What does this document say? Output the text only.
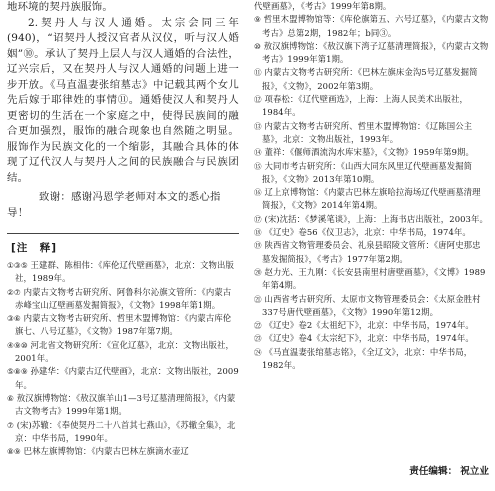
地环境的契丹族服饰。

2.契丹人与汉人通婚。太宗会同三年(940)，“诏契丹人授汉官者从汉仪，听与汉人婚姻”⑩。承认了契丹上层人与汉人通婚的合法性，辽兴宗后，又在契丹人与汉人通婚的问题上进一步开放。《马直温妻张绾墓志》中记载其两个女儿先后嫁于耶律姓的事情⑪。通婚使汉人和契丹人更密切的生活在一个家庭之中，使得民族间的融合更加强烈，服饰的融合现象也自然随之明显。服饰作为民族文化的一个缩影，其融合具体的体现了辽代汉人与契丹人之间的民族融合与民族团结。

致谢：感谢冯恩学老师对本文的悉心指导！

[注　释]

①③⑤ 王建群、陈相伟：《库伦辽代壁画墓》，北京：文物出版社，1989年。

②⑦ 内蒙古文物考古研究所、阿鲁科尔沁旗文管所：《内蒙古赤峰宝山辽壁画墓发掘简报》，《文物》1998年第1期。

③⑥ 内蒙古文物考古研究所、哲里木盟博物馆：《内蒙古库伦旗七、八号辽墓》，《文物》1987年第7期。

④⑨⑩ 河北省文物研究所：《宣化辽墓》，北京：文物出版社，2001年。

⑤⑧⑨ 孙建华：《内蒙古辽代壁画》，北京：文物出版社，2009年。

⑥ 敖汉旗博物馆：《敖汉旗羊山1—3号辽墓清理简报》，《内蒙古文物考古》1999年第1期。

⑦ (宋)苏辙：《奉使契丹二十八首其七燕山》，《苏辙全集》，北京：中华书局，1990年。

⑧⑨ 巴林左旗博物馆：《内蒙古巴林左旗滴水壶辽

代壁画墓》，《考古》1999年第8期。

⑨ 哲里木盟博物馆等：《库伦旗第五、六号辽墓》，《内蒙古文物考古》总第2期，1982年；b同③。

⑩ 敖汉旗博物馆：《敖汉旗下湾子辽墓清理简报》，《内蒙古文物考古》1999年第1期。

⑪ 内蒙古文物考古研究所：《巴林左旗床金沟5号辽墓发掘简报》，《文物》，2002年第3期。

⑫ 项春松：《辽代壁画选》，上海：上海人民美术出版社，1984年。

⑬ 内蒙古文物考古研究所、哲里木盟博物馆：《辽陈国公主墓》，北京：文物出版社，1993年。

⑭ 董祥：《偃师酒流沟水库宋墓》，《文物》1959年第9期。

⑮ 大同市考古研究所：《山西大同东风里辽代壁画墓发掘简报》，《文物》2013年第10期。

⑯ 辽上京博物馆：《内蒙古巴林左旗哈拉海场辽代壁画墓清理简报》，《文物》2014年第4期。

⑰ (宋)沈括：《梦溪笔谈》，上海：上海书店出版社，2003年。

⑱ 《辽史》卷56《仪卫志》，北京：中华书局，1974年。

⑲ 陕西省文物管理委员会、礼泉县昭陵文管所：《唐阿史那忠墓发掘简报》，《考古》1977年第2期。

⑳ 赵力光、王九刚：《长安县南里村唐壁画墓》，《文博》1989年第4期。

㉑ 山西省考古研究所、太原市文物管理委员会：《太原金胜村337号唐代壁画墓》，《文物》1990年第12期。

㉒ 《辽史》卷2《太祖纪下》，北京：中华书局，1974年。

㉓ 《辽史》卷4《太宗纪下》，北京：中华书局，1974年。

㉔ 《马直温妻张绾墓志铭》，《全辽文》，北京：中华书局，1982年。

责任编辑： 祝立业
